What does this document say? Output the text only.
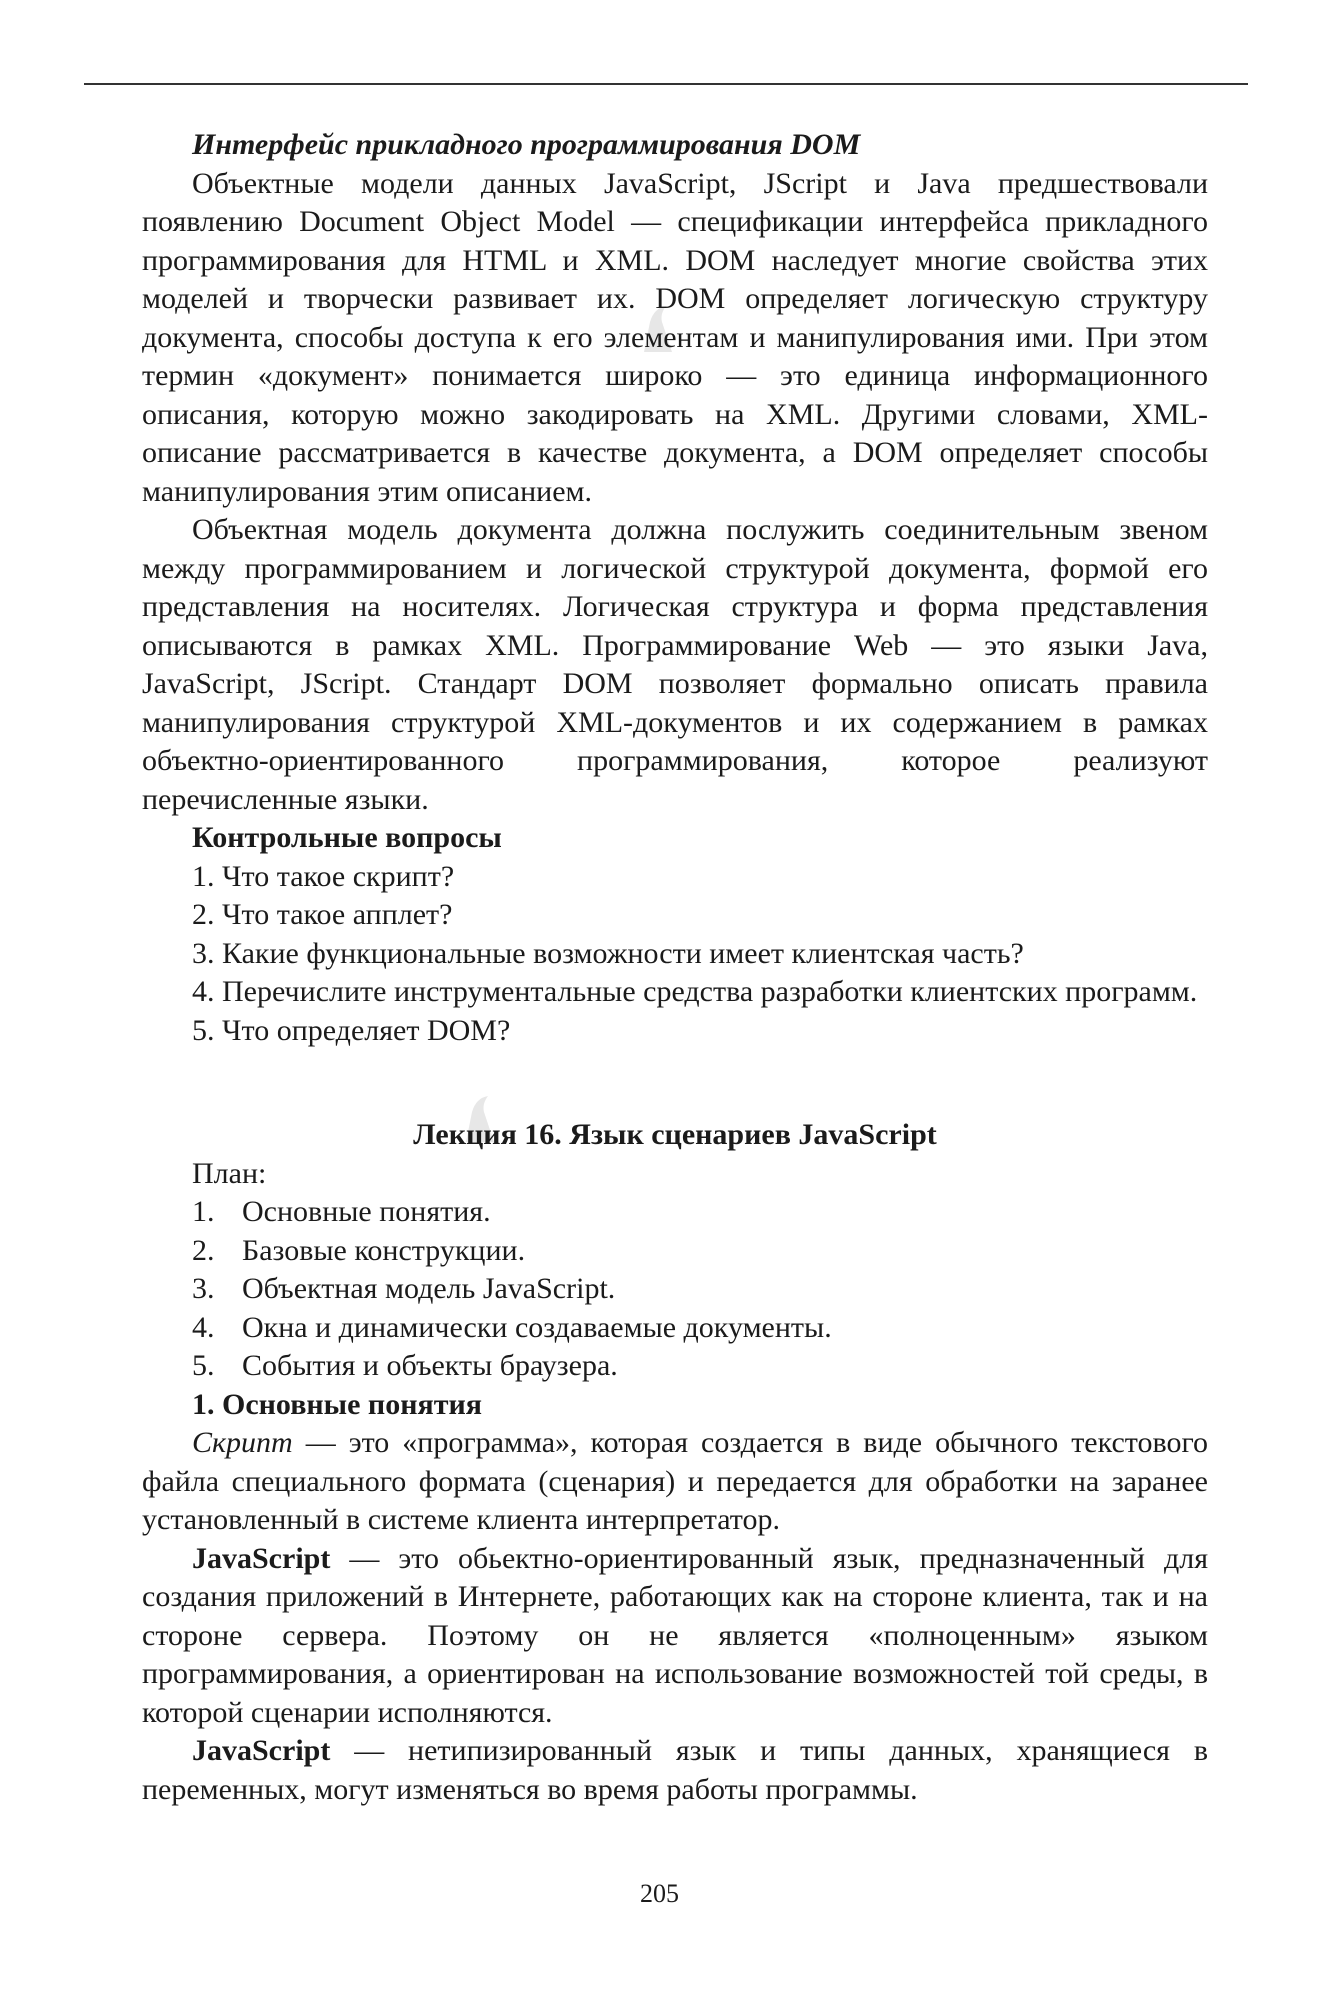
Интерфейс прикладного программирования DOM

Объектные модели данных JavaScript, JScript и Java предшествовали появлению Document Object Model — спецификации интерфейса прикладного программирования для HTML и XML. DOM наследует многие свойства этих моделей и творчески развивает их. DOM определяет логическую структуру документа, способы доступа к его элементам и манипулирования ими. При этом термин «документ» понимается широко — это единица информационного описания, которую можно закодировать на XML. Другими словами, XML-описание рассматривается в качестве документа, а DOM определяет способы манипулирования этим описанием.

Объектная модель документа должна послужить соединительным звеном между программированием и логической структурой документа, формой его представления на носителях. Логическая структура и форма представления описываются в рамках XML. Программирование Web — это языки Java, JavaScript, JScript. Стандарт DOM позволяет формально описать правила манипулирования структурой XML-документов и их содержанием в рамках объектно-ориентированного программирования, которое реализуют перечисленные языки.

Контрольные вопросы
1. Что такое скрипт?
2. Что такое апплет?
3. Какие функциональные возможности имеет клиентская часть?
4. Перечислите инструментальные средства разработки клиентских программ.
5. Что определяет DOM?
Лекция 16. Язык сценариев JavaScript
План:
1. Основные понятия.
2. Базовые конструкции.
3. Объектная модель JavaScript.
4. Окна и динамически создаваемые документы.
5. События и объекты браузера.
1. Основные понятия

Скрипт — это «программа», которая создается в виде обычного текстового файла специального формата (сценария) и передается для обработки на заранее установленный в системе клиента интерпретатор.

JavaScript — это обьектно-ориентированный язык, предназначенный для создания приложений в Интернете, работающих как на стороне клиента, так и на стороне сервера. Поэтому он не является «полноценным» языком программирования, а ориентирован на использование возможностей той среды, в которой сценарии исполняются.

JavaScript — нетипизированный язык и типы данных, хранящиеся в переменных, могут изменяться во время работы программы.

205
